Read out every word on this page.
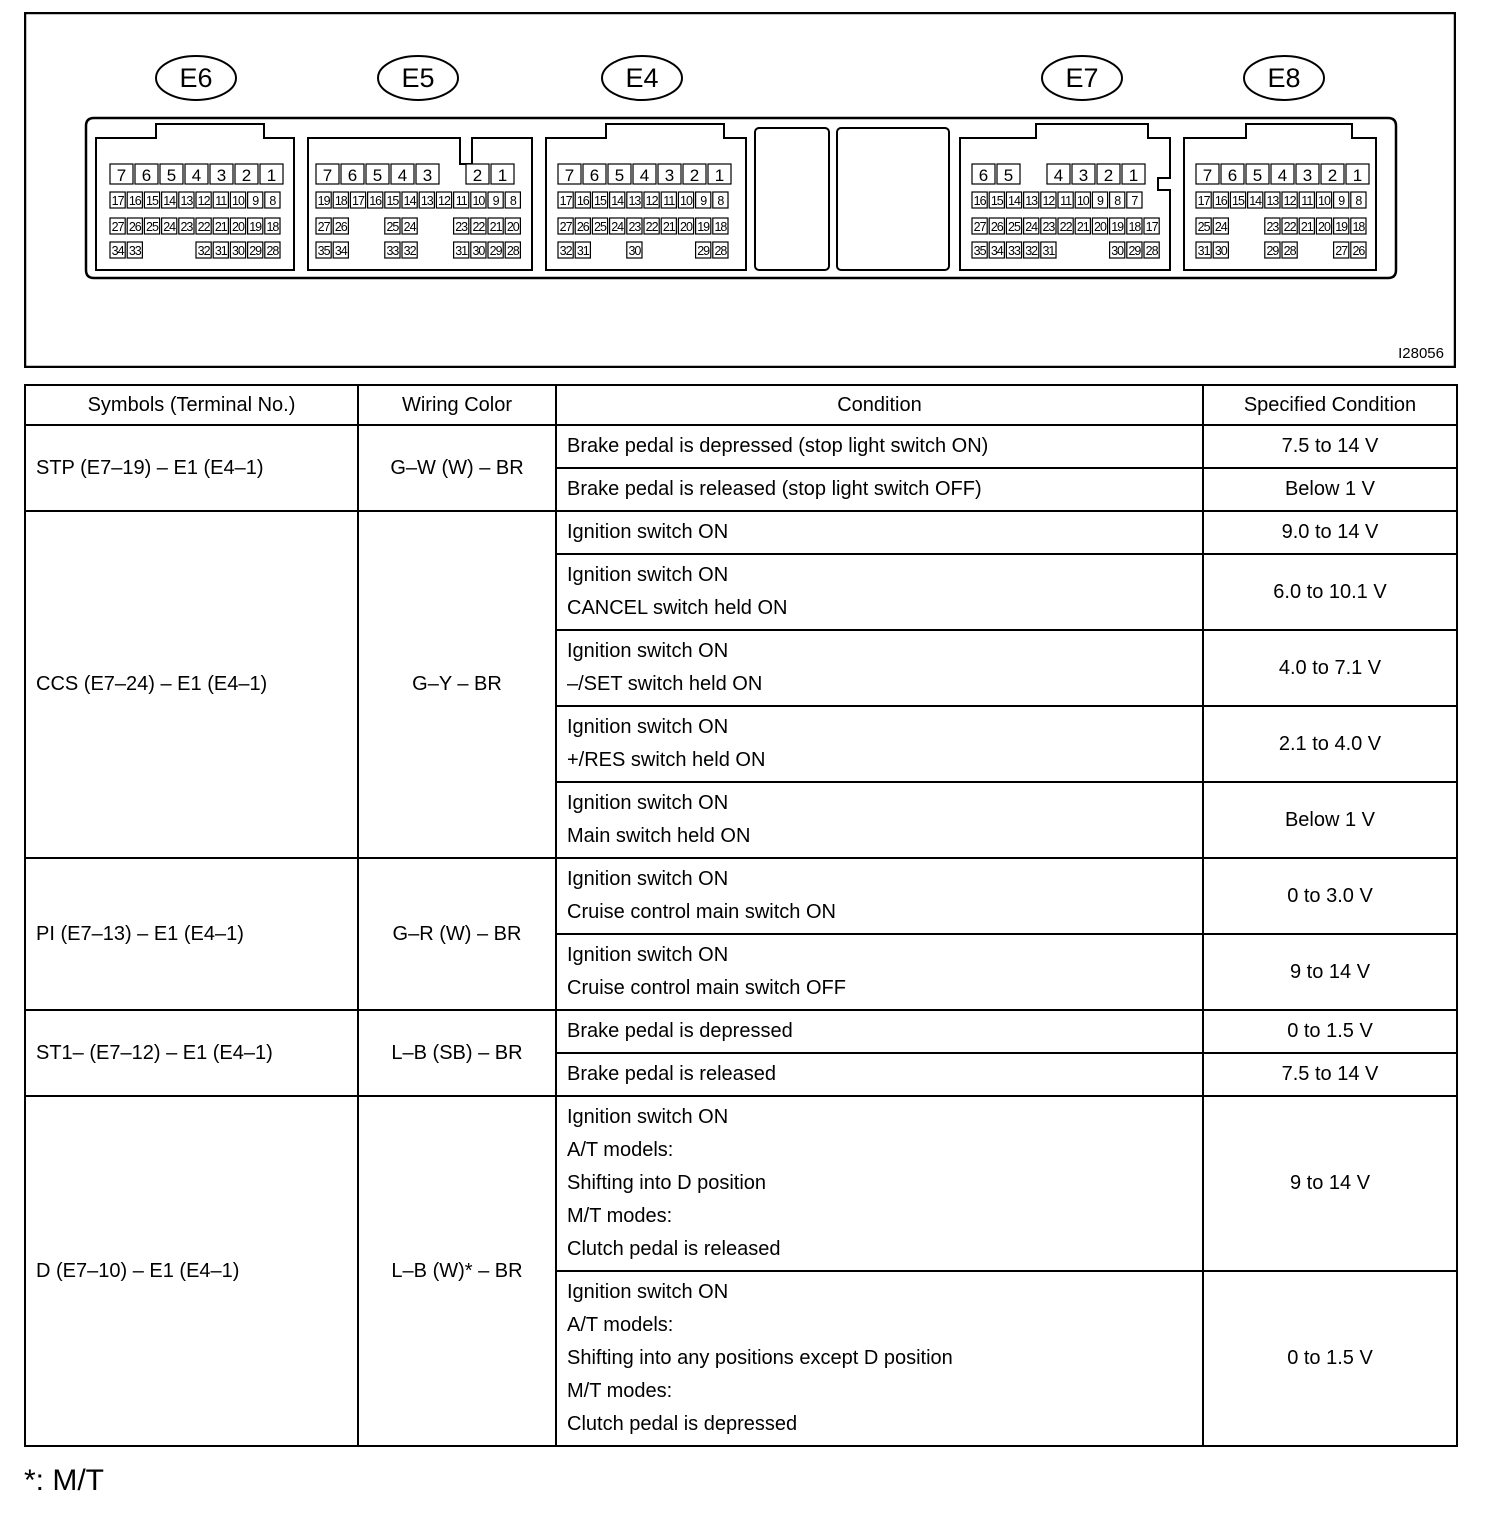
E6	E5	E4	E7	E8
7 6 5 4 3 2 1
17 16 15 14 13 12 11 10 9 8
27 26 25 24 23 22 21 20 19 18
34 33	32 31 30 29 28
7 6 5 4 3 2 1
19 18 17 16 15 14 13 12 11 10 9 8
27 26	25 24	23 22 21 20
35 34	33 32	31 30 29 28
7 6 5 4 3 2 1
17 16 15 14 13 12 11 10 9 8
27 26 25 24 23 22 21 20 19 18
32 31	30	29 28
6 5 4 3 2 1
16 15 14 13 12 11 10 9 8 7
27 26 25 24 23 22 21 20 19 18 17
35 34 33 32 31	30 29 28
7 6 5 4 3 2 1
17 16 15 14 13 12 11 10 9 8
25 24	23 22 21 20 19 18
31 30	29 28	27 26
I28056
Symbols (Terminal No.)	Wiring Color	Condition	Specified Condition
STP (E7–19) – E1 (E4–1)	G–W (W) – BR	Brake pedal is depressed (stop light switch ON)	7.5 to 14 V

		Brake pedal is released (stop light switch OFF)	Below 1 V
CCS (E7–24) – E1 (E4–1)	G–Y – BR	Ignition switch ON	9.0 to 14 V

		Ignition switch ON
CANCEL switch held ON	6.0 to 10.1 V

		Ignition switch ON
–/SET switch held ON	4.0 to 7.1 V

		Ignition switch ON
+/RES switch held ON	2.1 to 4.0 V

		Ignition switch ON
Main switch held ON	Below 1 V
PI (E7–13) – E1 (E4–1)	G–R (W) – BR	Ignition switch ON
Cruise control main switch ON	0 to 3.0 V

		Ignition switch ON
Cruise control main switch OFF	9 to 14 V
ST1– (E7–12) – E1 (E4–1)	L–B (SB) – BR	Brake pedal is depressed	0 to 1.5 V

		Brake pedal is released	7.5 to 14 V
D (E7–10) – E1 (E4–1)	L–B (W)* – BR	Ignition switch ON
A/T models:
Shifting into D position
M/T modes:
Clutch pedal is released	9 to 14 V

		Ignition switch ON
A/T models:
Shifting into any positions except D position
M/T modes:
Clutch pedal is depressed	0 to 1.5 V
*: M/T
